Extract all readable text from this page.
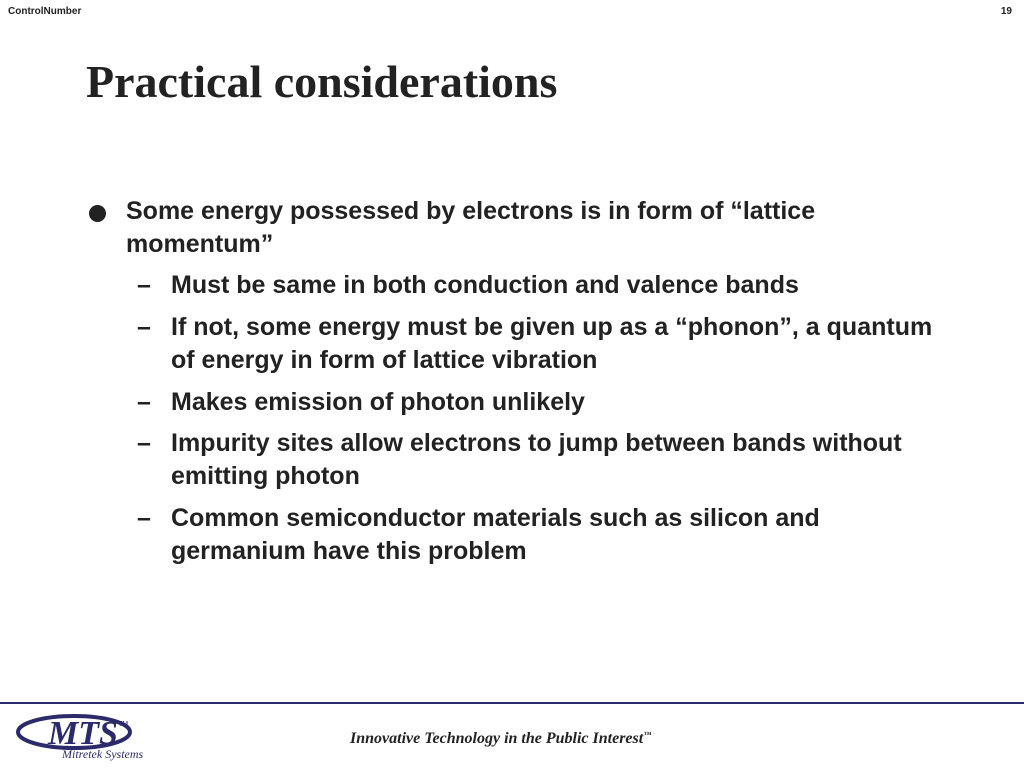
ControlNumber	19
Practical considerations
Some energy possessed by electrons is in form of “lattice momentum”
– Must be same in both conduction and valence bands
– If not, some energy must be given up as a “phonon”, a quantum of energy in form of lattice vibration
– Makes emission of photon unlikely
– Impurity sites allow electrons to jump between bands without emitting photon
– Common semiconductor materials such as silicon and germanium have this problem
MTS TM
Mitretek Systems
Innovative Technology in the Public Interest™
